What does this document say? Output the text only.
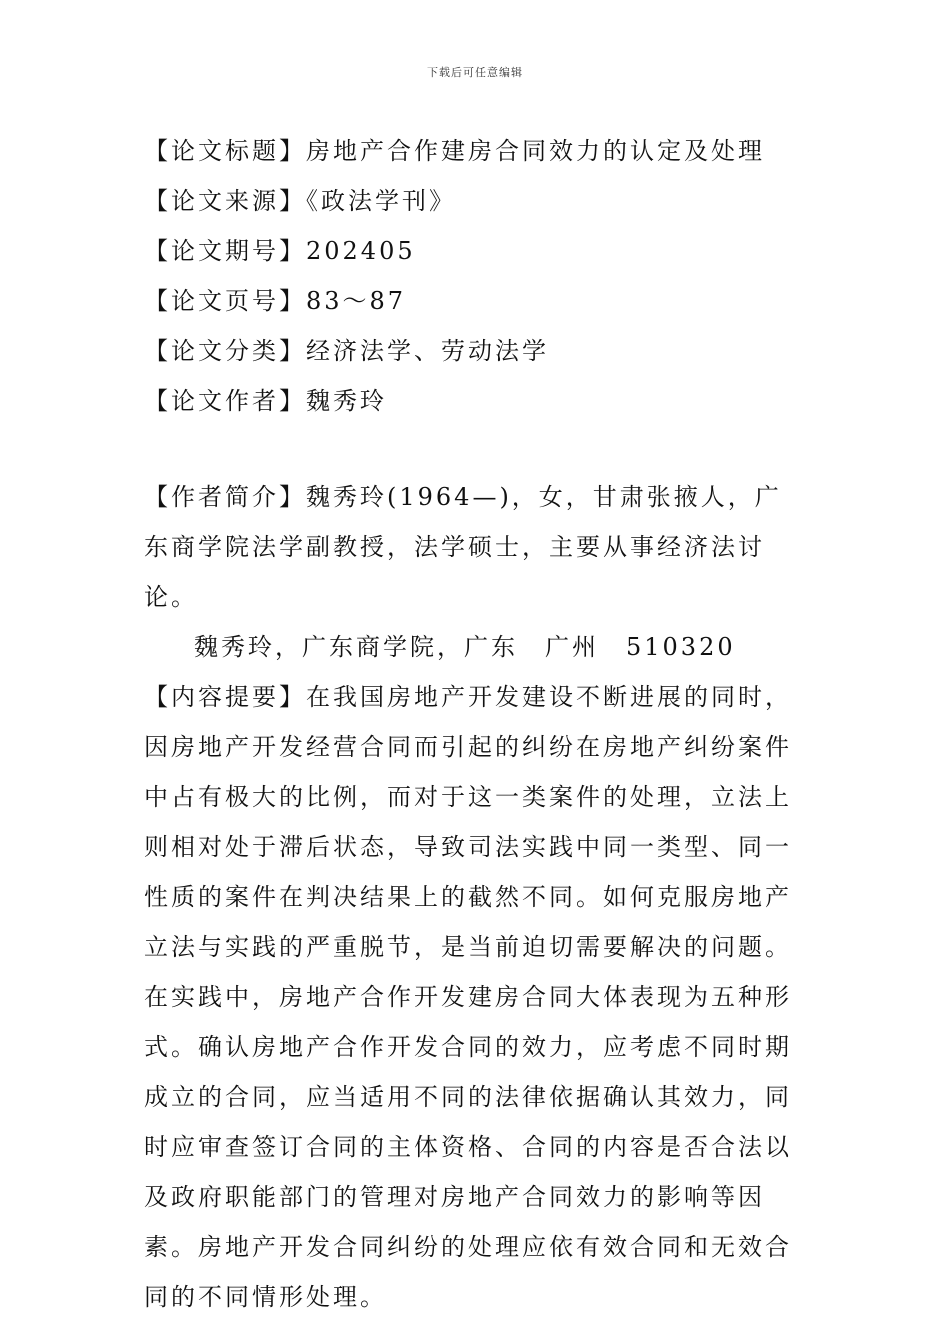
下载后可任意编辑
【论文标题】房地产合作建房合同效力的认定及处理
【论文来源】《政法学刊》
【论文期号】202405
【论文页号】83～87
【论文分类】经济法学、劳动法学
【论文作者】魏秀玲

【作者简介】魏秀玲(1964—)，女，甘肃张掖人，广东商学院法学副教授，法学硕士，主要从事经济法讨论。

魏秀玲，广东商学院，广东　广州　510320

【内容提要】在我国房地产开发建设不断进展的同时，因房地产开发经营合同而引起的纠纷在房地产纠纷案件中占有极大的比例，而对于这一类案件的处理，立法上则相对处于滞后状态，导致司法实践中同一类型、同一性质的案件在判决结果上的截然不同。如何克服房地产立法与实践的严重脱节，是当前迫切需要解决的问题。在实践中，房地产合作开发建房合同大体表现为五种形式。确认房地产合作开发合同的效力，应考虑不同时期成立的合同，应当适用不同的法律依据确认其效力，同时应审查签订合同的主体资格、合同的内容是否合法以及政府职能部门的管理对房地产合同效力的影响等因素。房地产开发合同纠纷的处理应依有效合同和无效合同的不同情形处理。
